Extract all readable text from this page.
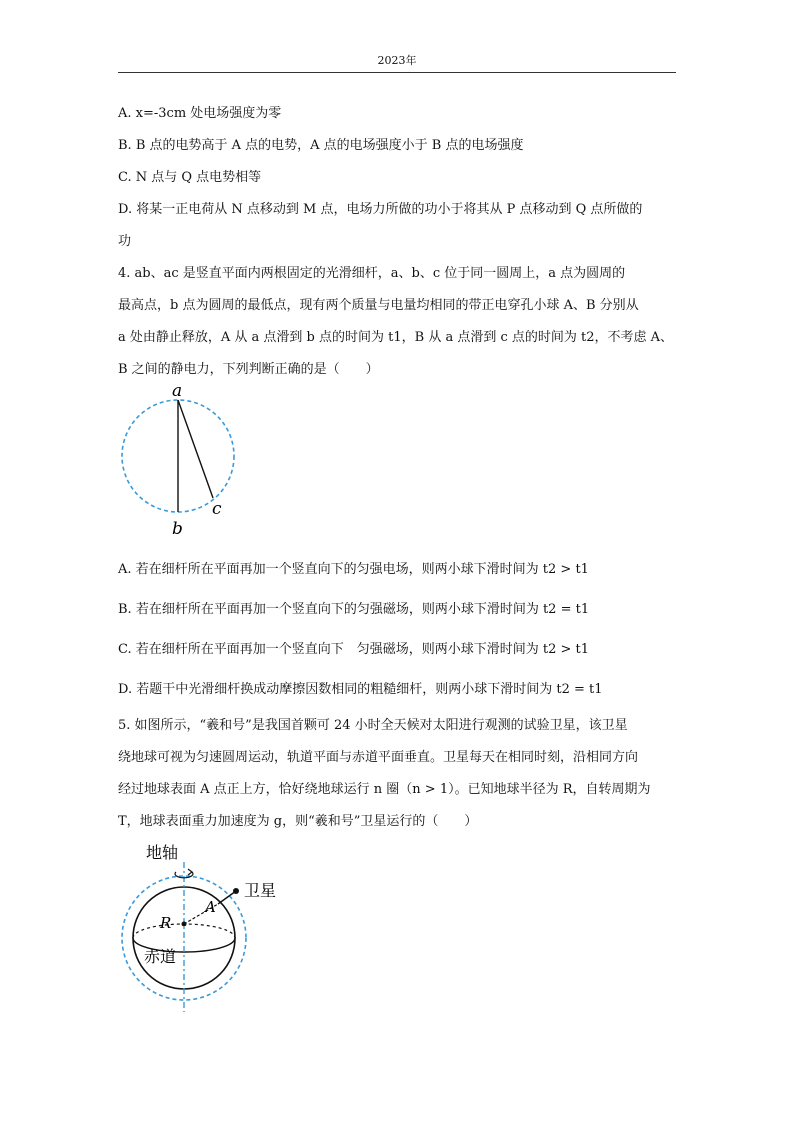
2023年
A. x=-3cm 处电场强度为零
B. B 点的电势高于 A 点的电势，A 点的电场强度小于 B 点的电场强度
C. N 点与 Q 点电势相等
D. 将某一正电荷从 N 点移动到 M 点，电场力所做的功小于将其从 P 点移动到 Q 点所做的
功
4. ab、ac 是竖直平面内两根固定的光滑细杆，a、b、c 位于同一圆周上，a 点为圆周的
最高点，b 点为圆周的最低点，现有两个质量与电量均相同的带正电穿孔小球 A、B 分别从
a 处由静止释放，A 从 a 点滑到 b 点的时间为 t1，B 从 a 点滑到 c 点的时间为 t2，不考虑 A、
B 之间的静电力，下列判断正确的是（　　）
a
b
c
A. 若在细杆所在平面再加一个竖直向下的匀强电场，则两小球下滑时间为 t2 > t1
B. 若在细杆所在平面再加一个竖直向下的匀强磁场，则两小球下滑时间为 t2 = t1
C. 若在细杆所在平面再加一个竖直向下　匀强磁场，则两小球下滑时间为 t2 > t1
D. 若题干中光滑细杆换成动摩擦因数相同的粗糙细杆，则两小球下滑时间为 t2 = t1
5. 如图所示，“羲和号”是我国首颗可 24 小时全天候对太阳进行观测的试验卫星，该卫星
绕地球可视为匀速圆周运动，轨道平面与赤道平面垂直。卫星每天在相同时刻，沿相同方向
经过地球表面 A 点正上方，恰好绕地球运行 n 圈（n > 1）。已知地球半径为 R，自转周期为
T，地球表面重力加速度为 g，则“羲和号”卫星运行的（　　）
地轴
卫星
A
R
赤道
